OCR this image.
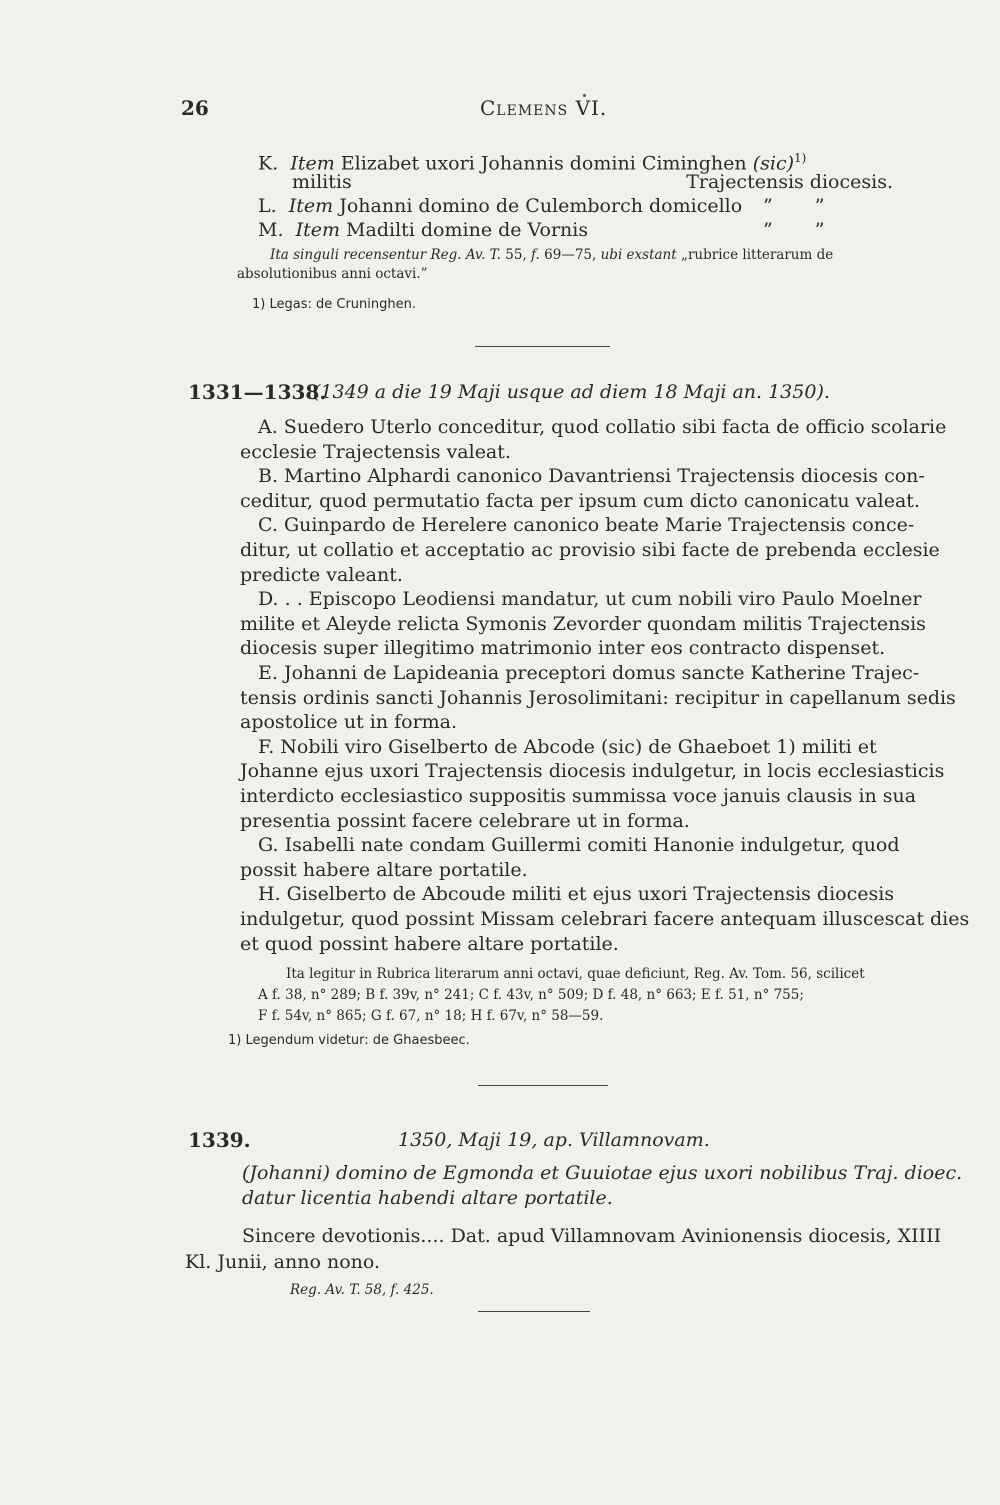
26	Clemens VI.
K. Item Elizabet uxori Johannis domini Ciminghen (sic)$^{1)}$
militis	Trajectensis diocesis.
L. Item Johanni domino de Culemborch domicello ” ”
M. Item Madilti domine de Vornis	” ”
Ita singuli recensentur Reg. Av. T. 55, f. 69—75, ubi exstant „rubrice litterarum de
absolutionibus anni octavi.”
1) Legas: de Cruninghen.
1331—1338.
(1349 a die 19 Maji usque ad diem 18 Maji an. 1350).
A. Suedero Uterlo conceditur, quod collatio sibi facta de officio scolarie
ecclesie Trajectensis valeat.
B. Martino Alphardi canonico Davantriensi Trajectensis diocesis con-
ceditur, quod permutatio facta per ipsum cum dicto canonicatu valeat.
C. Guinpardo de Herelere canonico beate Marie Trajectensis conce-
ditur, ut collatio et acceptatio ac provisio sibi facte de prebenda ecclesie
predicte valeant.
D. . . Episcopo Leodiensi mandatur, ut cum nobili viro Paulo Moelner
milite et Aleyde relicta Symonis Zevorder quondam militis Trajectensis
diocesis super illegitimo matrimonio inter eos contracto dispenset.
E. Johanni de Lapideania preceptori domus sancte Katherine Trajec-
tensis ordinis sancti Johannis Jerosolimitani: recipitur in capellanum sedis
apostolice ut in forma.
F. Nobili viro Giselberto de Abcode (sic) de Ghaeboet 1) militi et
Johanne ejus uxori Trajectensis diocesis indulgetur, in locis ecclesiasticis
interdicto ecclesiastico suppositis summissa voce januis clausis in sua
presentia possint facere celebrare ut in forma.
G. Isabelli nate condam Guillermi comiti Hanonie indulgetur, quod
possit habere altare portatile.
H. Giselberto de Abcoude militi et ejus uxori Trajectensis diocesis
indulgetur, quod possint Missam celebrari facere antequam illuscescat dies
et quod possint habere altare portatile.
Ita legitur in Rubrica literarum anni octavi, quae deficiunt, Reg. Av. Tom. 56, scilicet
A f. 38, n° 289; B f. 39v, n° 241; C f. 43v, n° 509; D f. 48, n° 663; E f. 51, n° 755;
F f. 54v, n° 865; G f. 67, n° 18; H f. 67v, n° 58—59.
1) Legendum videtur: de Ghaesbeec.
1339.	1350, Maji 19, ap. Villamnovam.
(Johanni) domino de Egmonda et Guuiotae ejus uxori nobilibus Traj. dioec.
datur licentia habendi altare portatile.
Sincere devotionis.... Dat. apud Villamnovam Avinionensis diocesis, XIIII
Kl. Junii, anno nono.
Reg. Av. T. 58, f. 425.
